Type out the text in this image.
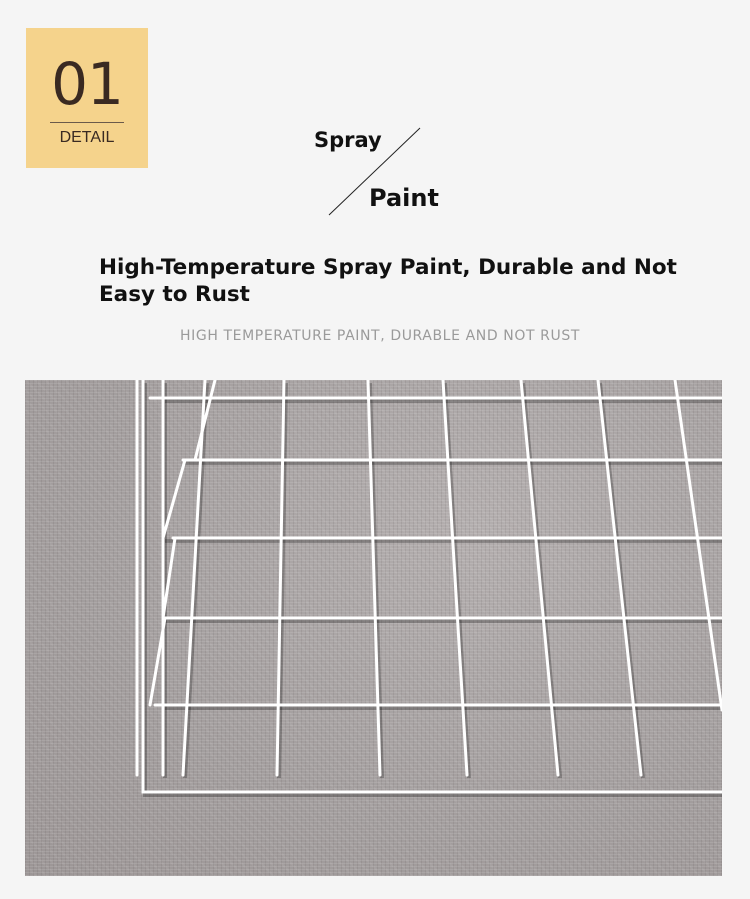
01
DETAIL	Spray
Paint

High-Temperature Spray Paint, Durable and Not Easy to Rust

HIGH TEMPERATURE PAINT, DURABLE AND NOT RUST
